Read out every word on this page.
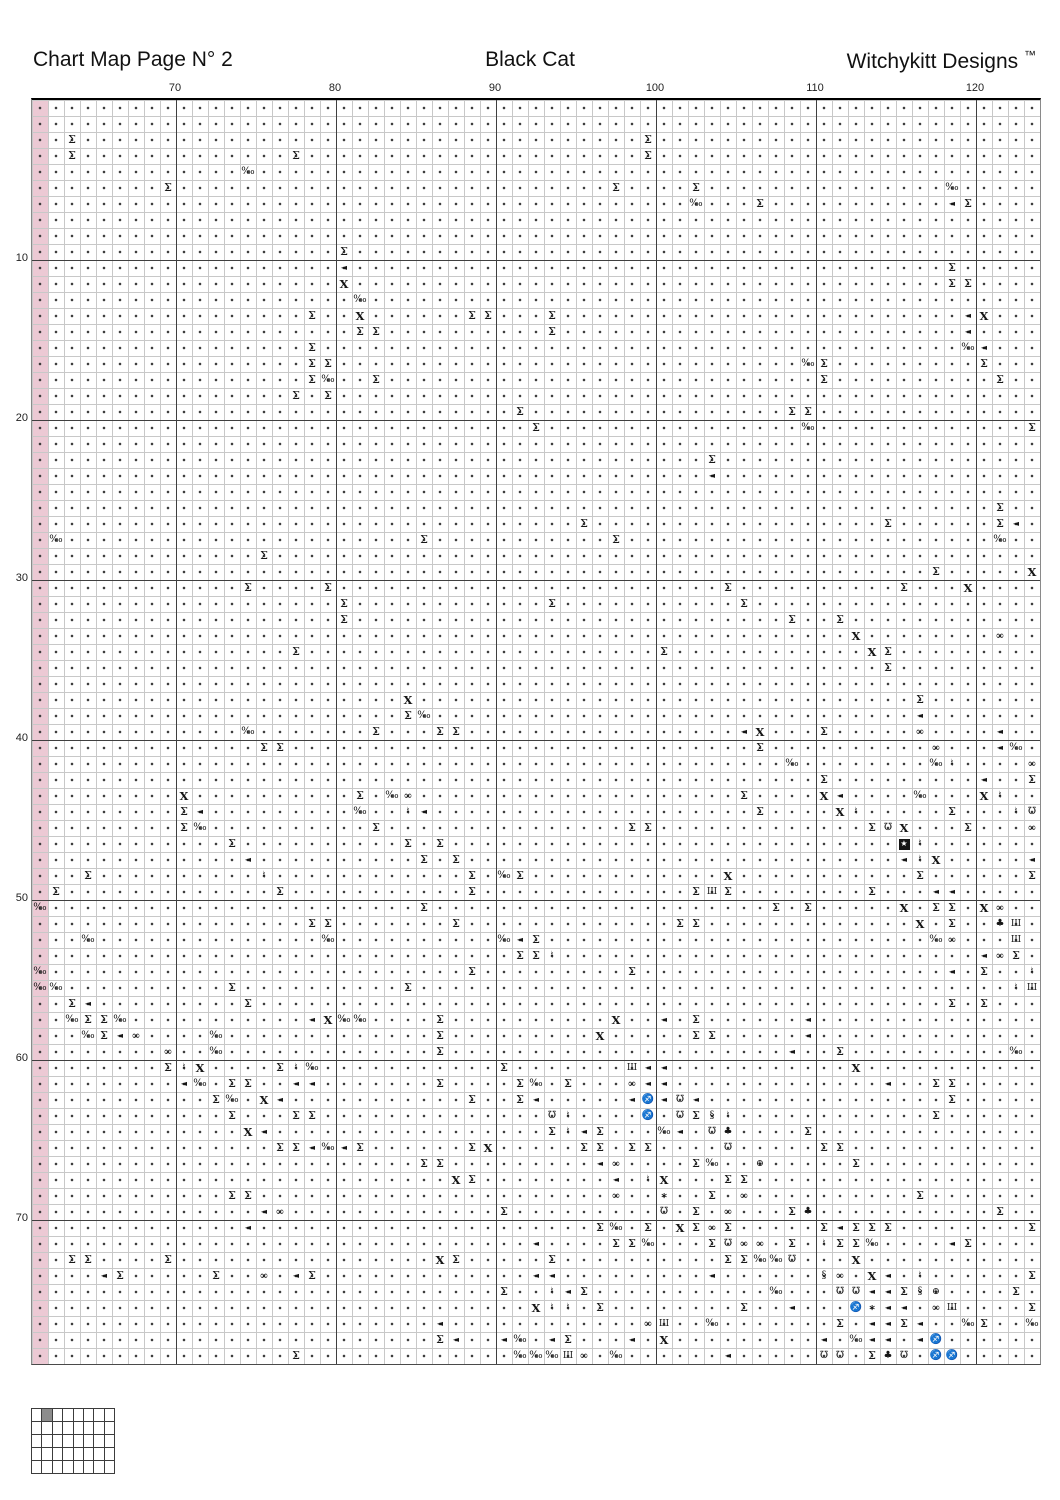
Chart Map Page N° 2	Black Cat	Witchykitt Designs ™
70	80	90	100	110	120
10
20
30
40
50
60
70
Σ	Σ
Σ	Σ	Σ
‰
Σ	Σ	Σ	‰
‰	Σ	◄ Σ
Σ
◄	Σ
X	Σ Σ
‰
Σ	X	Σ Σ	Σ	◄ X
Σ Σ	Σ	◄
Σ	‰ ◄
Σ Σ	‰ Σ	Σ
Σ ‰	Σ	Σ	Σ
Σ	Σ
Σ	Σ Σ
Σ	‰	Σ
Σ
◄
Σ
Σ	Σ	Σ	◄
‰	Σ	Σ	‰
Σ
Σ	X
Σ	Σ	Σ	Σ	X
Σ	Σ	Σ
Σ	Σ	Σ
X	∞
Σ	Σ	X Σ
Σ
X	Σ
Σ ‰	◄
‰	Σ	Σ Σ	◄ X	Σ	∞	◄
Σ Σ	Σ	∞	◄ ‰
‰	‰ ♮	∞
Σ	◄	Σ
X	Σ	‰ ∞	Σ	X	◄	‰	X ♮
Σ	◄	‰	♮	◄	Σ	X ♮	Σ	♮	℧
Σ ‰	Σ	Σ Σ	Σ ℧ X	Σ	∞
Σ	Σ	Σ	★	♮
◄	Σ	Σ	◄	♮ X	◄
Σ	♮	Σ	‰ Σ	X	Σ	Σ
Σ	Σ	Σ	Σ Ш Σ	Σ	◄	◄
‰	Σ	Σ	Σ	X	Σ Σ	X ∞
Σ Σ	Σ	Σ Σ	X	Σ	♣ Ш
‰	‰	‰ ◄ Σ	‰ ∞	Ш
Σ Σ	♮	◄ ∞ Σ
‰	Σ	Σ	◄	Σ	♮
‰ ‰	Σ	Σ	♮	Ш
Σ	◄	Σ	Σ	Σ
‰ Σ Σ ‰	◄ X ‰ ‰	Σ	X	◄	Σ	◄
‰ Σ	◄ ∞	‰	Σ	X	Σ Σ	◄
∞	‰	Σ	◄	Σ	‰
Σ	♮ X	Σ	♮ ‰	Σ	Ш ◄	◄	X
◄ ‰	Σ Σ	◄	◄	Σ	Σ ‰	Σ	∞	◄	◄	◄	Σ Σ
Σ ‰	X	◄	Σ	Σ	◄	◄ ♐ ◄ ℧	◄	Σ
Σ	Σ Σ	℧	♮	♐	℧ Σ §	♮	Σ
X	◄	Σ	♮	◄ Σ	‰ ◄	℧ ♣	Σ
Σ Σ	◄ ‰ ◄ Σ	Σ X	Σ Σ	Σ Σ	℧	Σ Σ
Σ Σ	◄ ∞	Σ ‰	⊕	Σ
X Σ	◄	♮ X	Σ Σ
Σ Σ	∞	∗	Σ	∞	Σ
◄ ∞	Σ	℧	Σ	∞	Σ ♣	Σ
◄	Σ ‰	Σ	X Σ ∞ Σ	Σ	◄ Σ Σ Σ	Σ
◄	Σ Σ ‰	Σ ℧ ∞ ∞	Σ	♮ Σ Σ ‰	◄ Σ
Σ Σ	Σ	X Σ	Σ	Σ Σ ‰ ‰ ℧	X
◄ Σ	Σ	∞	◄ Σ	◄	◄	◄	§ ∞	X	◄	♮	Σ
Σ	♮	◄ Σ	‰	℧ ℧	◄	◄ Σ §	⊕	Σ
X ♮	♮	Σ	Σ	◄	♐ ∗	◄	◄	∞ Ш	Σ
◄	∞ Ш	‰	Σ	◄	◄ Σ	◄	‰ Σ	‰
Σ	◄	◄ ‰	◄ Σ	◄	X	◄	‰ ◄	◄	◄ ♐
Σ	‰ ‰ ‰ Ш ∞	‰	◄	℧ ℧	Σ ♣ ℧	♐ ♐
